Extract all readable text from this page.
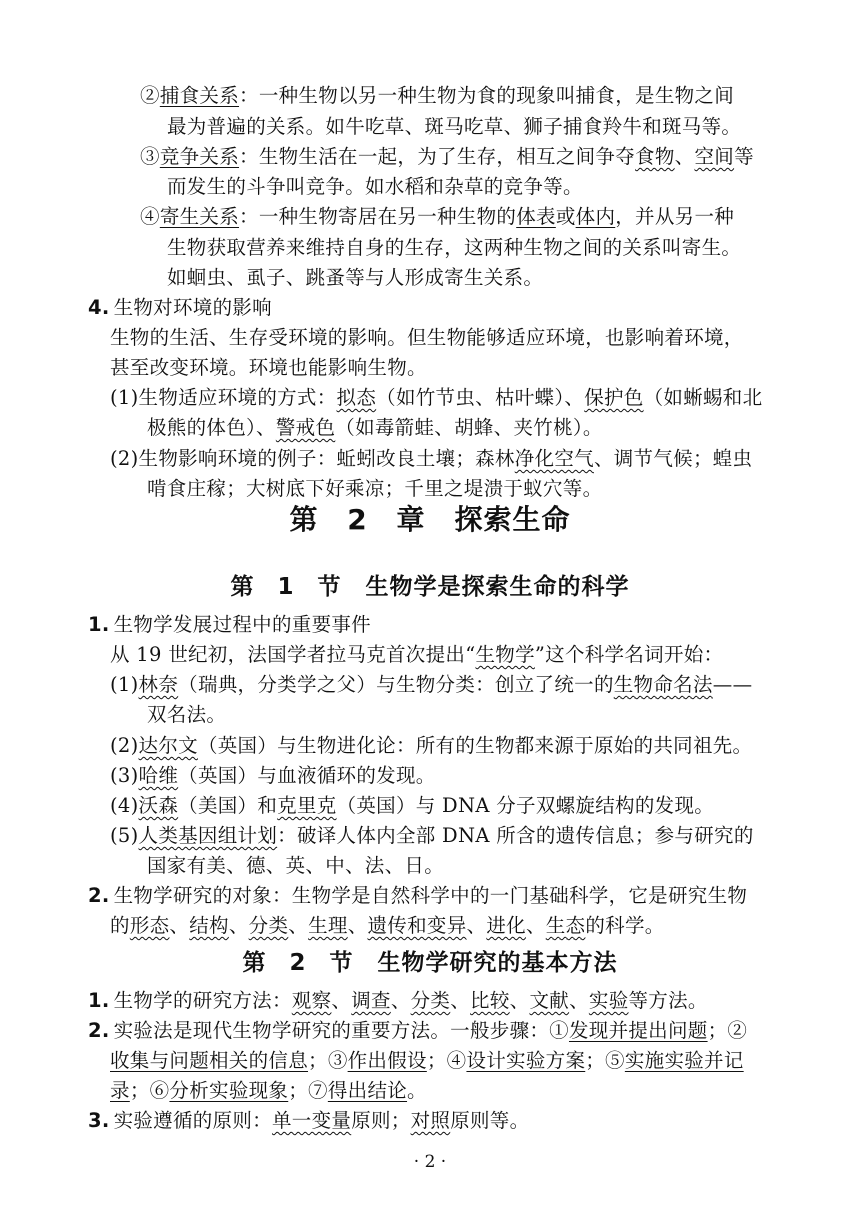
②捕食关系：一种生物以另一种生物为食的现象叫捕食，是生物之间
最为普遍的关系。如牛吃草、斑马吃草、狮子捕食羚牛和斑马等。
③竞争关系：生物生活在一起，为了生存，相互之间争夺食物、空间等
而发生的斗争叫竞争。如水稻和杂草的竞争等。
④寄生关系：一种生物寄居在另一种生物的体表或体内，并从另一种
生物获取营养来维持自身的生存，这两种生物之间的关系叫寄生。
如蛔虫、虱子、跳蚤等与人形成寄生关系。
4. 生物对环境的影响
生物的生活、生存受环境的影响。但生物能够适应环境，也影响着环境，
甚至改变环境。环境也能影响生物。
(1)生物适应环境的方式：拟态（如竹节虫、枯叶蝶）、保护色（如蜥蜴和北
极熊的体色）、警戒色（如毒箭蛙、胡蜂、夹竹桃）。
(2)生物影响环境的例子：蚯蚓改良土壤；森林净化空气、调节气候；蝗虫
啃食庄稼；大树底下好乘凉；千里之堤溃于蚁穴等。
第 2 章　探索生命
第 1 节　生物学是探索生命的科学
1. 生物学发展过程中的重要事件
从 19 世纪初，法国学者拉马克首次提出“生物学”这个科学名词开始：
(1)林奈（瑞典，分类学之父）与生物分类：创立了统一的生物命名法——
双名法。
(2)达尔文（英国）与生物进化论：所有的生物都来源于原始的共同祖先。
(3)哈维（英国）与血液循环的发现。
(4)沃森（美国）和克里克（英国）与 DNA 分子双螺旋结构的发现。
(5)人类基因组计划：破译人体内全部 DNA 所含的遗传信息；参与研究的
国家有美、德、英、中、法、日。
2. 生物学研究的对象：生物学是自然科学中的一门基础科学，它是研究生物
的形态、结构、分类、生理、遗传和变异、进化、生态的科学。
第 2 节　生物学研究的基本方法
1. 生物学的研究方法：观察、调查、分类、比较、文献、实验等方法。
2. 实验法是现代生物学研究的重要方法。一般步骤：①发现并提出问题；②
收集与问题相关的信息；③作出假设；④设计实验方案；⑤实施实验并记
录；⑥分析实验现象；⑦得出结论。
3. 实验遵循的原则：单一变量原则；对照原则等。
· 2 ·
